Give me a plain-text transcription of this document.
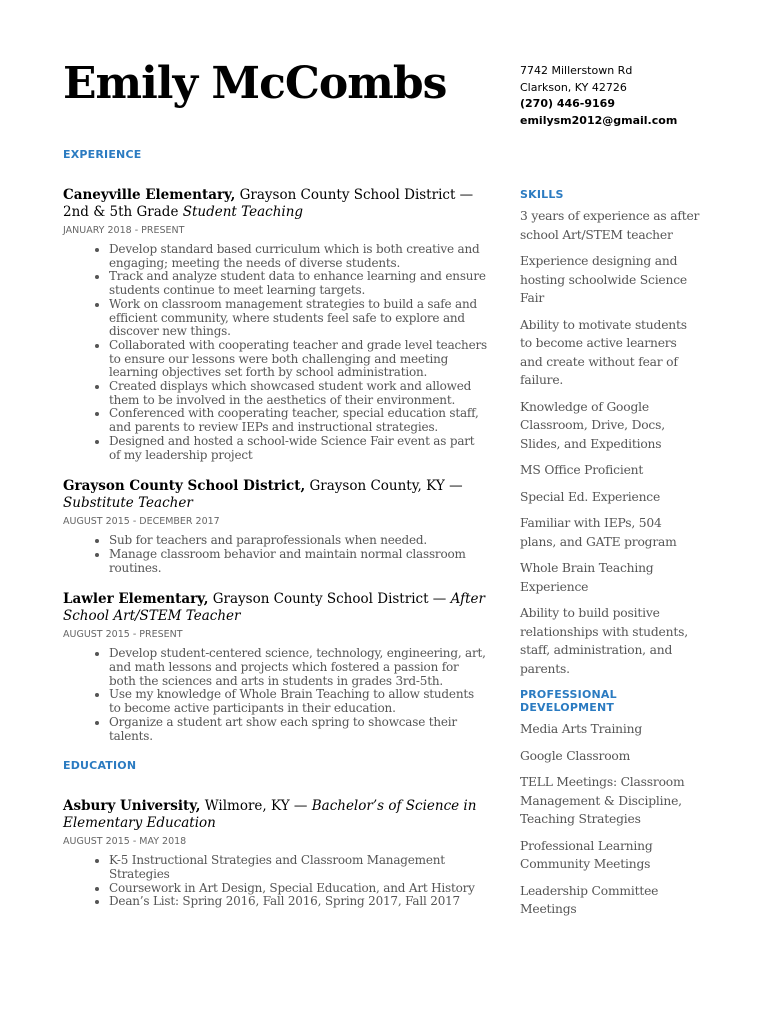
Emily McCombs	7742 Millerstown Rd
Clarkson, KY 42726
(270) 446-9169
emilysm2012@gmail.com
EXPERIENCE
Caneyville Elementary, Grayson County School District — 2nd & 5th Grade Student Teaching
JANUARY 2018 - PRESENT
• Develop standard based curriculum which is both creative and engaging; meeting the needs of diverse students.
• Track and analyze student data to enhance learning and ensure students continue to meet learning targets.
• Work on classroom management strategies to build a safe and efficient community, where students feel safe to explore and discover new things.
• Collaborated with cooperating teacher and grade level teachers to ensure our lessons were both challenging and meeting learning objectives set forth by school administration.
• Created displays which showcased student work and allowed them to be involved in the aesthetics of their environment.
• Conferenced with cooperating teacher, special education staff, and parents to review IEPs and instructional strategies.
• Designed and hosted a school-wide Science Fair event as part of my leadership project
Grayson County School District, Grayson County, KY — Substitute Teacher
AUGUST 2015 - DECEMBER 2017
• Sub for teachers and paraprofessionals when needed.
• Manage classroom behavior and maintain normal classroom routines.
Lawler Elementary, Grayson County School District — After School Art/STEM Teacher
AUGUST 2015 - PRESENT
• Develop student-centered science, technology, engineering, art, and math lessons and projects which fostered a passion for both the sciences and arts in students in grades 3rd-5th.
• Use my knowledge of Whole Brain Teaching to allow students to become active participants in their education.
• Organize a student art show each spring to showcase their talents.
EDUCATION
Asbury University, Wilmore, KY — Bachelor’s of Science in Elementary Education
AUGUST 2015 - MAY 2018
• K-5 Instructional Strategies and Classroom Management Strategies
• Coursework in Art Design, Special Education, and Art History
• Dean’s List: Spring 2016, Fall 2016, Spring 2017, Fall 2017
SKILLS
3 years of experience as after school Art/STEM teacher
Experience designing and hosting schoolwide Science Fair
Ability to motivate students to become active learners and create without fear of failure.
Knowledge of Google Classroom, Drive, Docs, Slides, and Expeditions
MS Office Proficient
Special Ed. Experience
Familiar with IEPs, 504 plans, and GATE program
Whole Brain Teaching Experience
Ability to build positive relationships with students, staff, administration, and parents.
PROFESSIONAL DEVELOPMENT
Media Arts Training
Google Classroom
TELL Meetings: Classroom Management & Discipline, Teaching Strategies
Professional Learning Community Meetings
Leadership Committee Meetings
